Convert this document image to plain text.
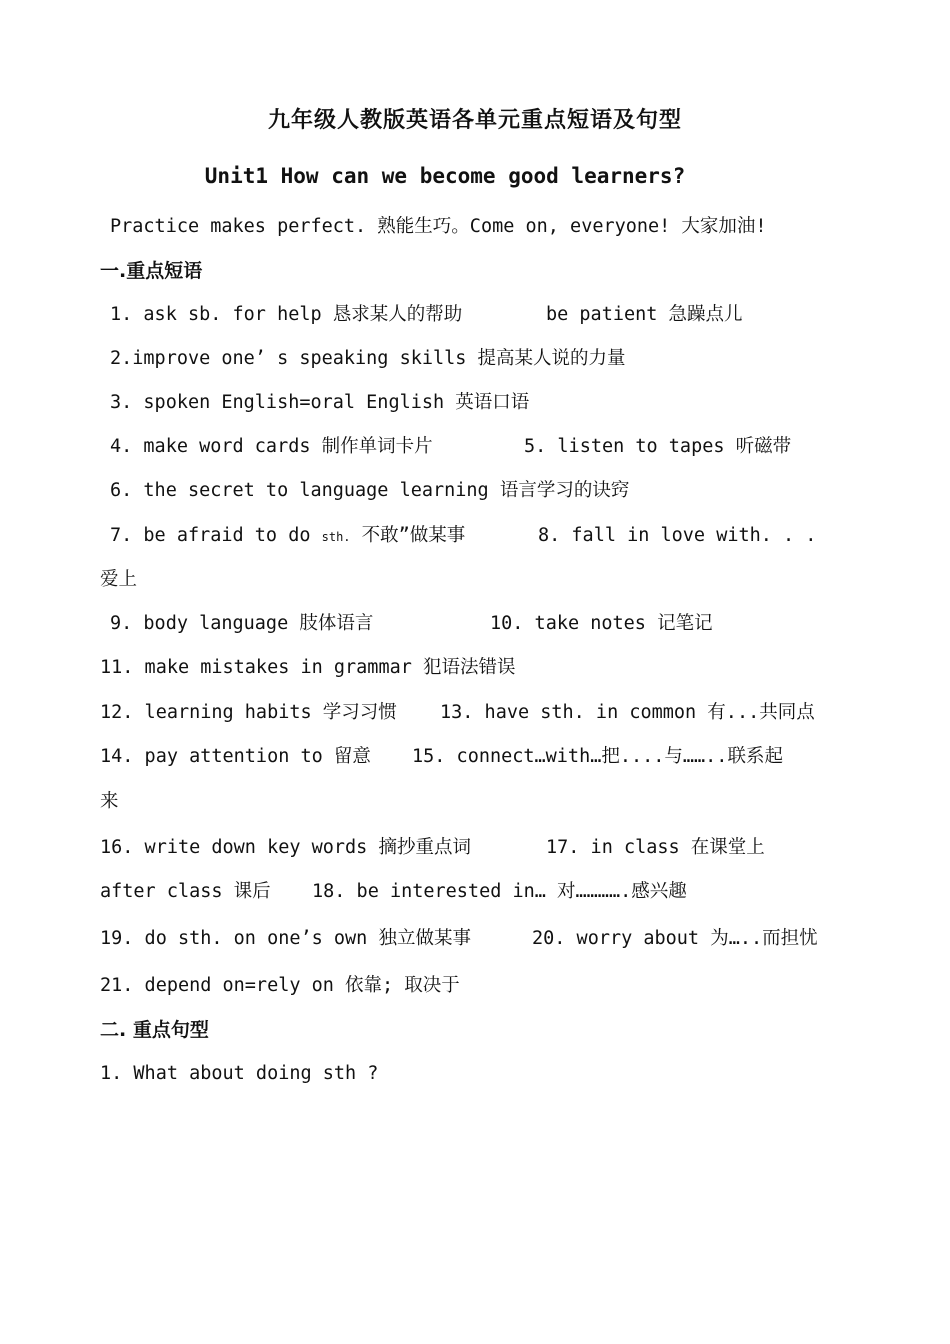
九年级人教版英语各单元重点短语及句型
Unit1 How can we become good learners?
Practice makes perfect. 熟能生巧。Come on, everyone! 大家加油!
一.重点短语
1. ask sb. for help 恳求某人的帮助	be patient 急躁点儿
2.improve one’ s speaking skills 提高某人说的力量
3. spoken English=oral English 英语口语
4. make word cards 制作单词卡片	5. listen to tapes 听磁带
6. the secret to language learning 语言学习的诀窍
7. be afraid to do sth. 不敢”做某事	8. fall in love with. . .
爱上
9. body language 肢体语言	10. take notes 记笔记
11. make mistakes in grammar 犯语法错误
12. learning habits 学习习惯 13. have sth. in common 有...共同点
14. pay attention to 留意 15. connect…with…把....与……..联系起
来
16. write down key words 摘抄重点词	17. in class 在课堂上
after class 课后 18. be interested in… 对………….感兴趣
19. do sth. on one’s own 独立做某事	20. worry about 为…..而担忧
21. depend on=rely on 依靠; 取决于
二. 重点句型
1. What about doing sth ?
